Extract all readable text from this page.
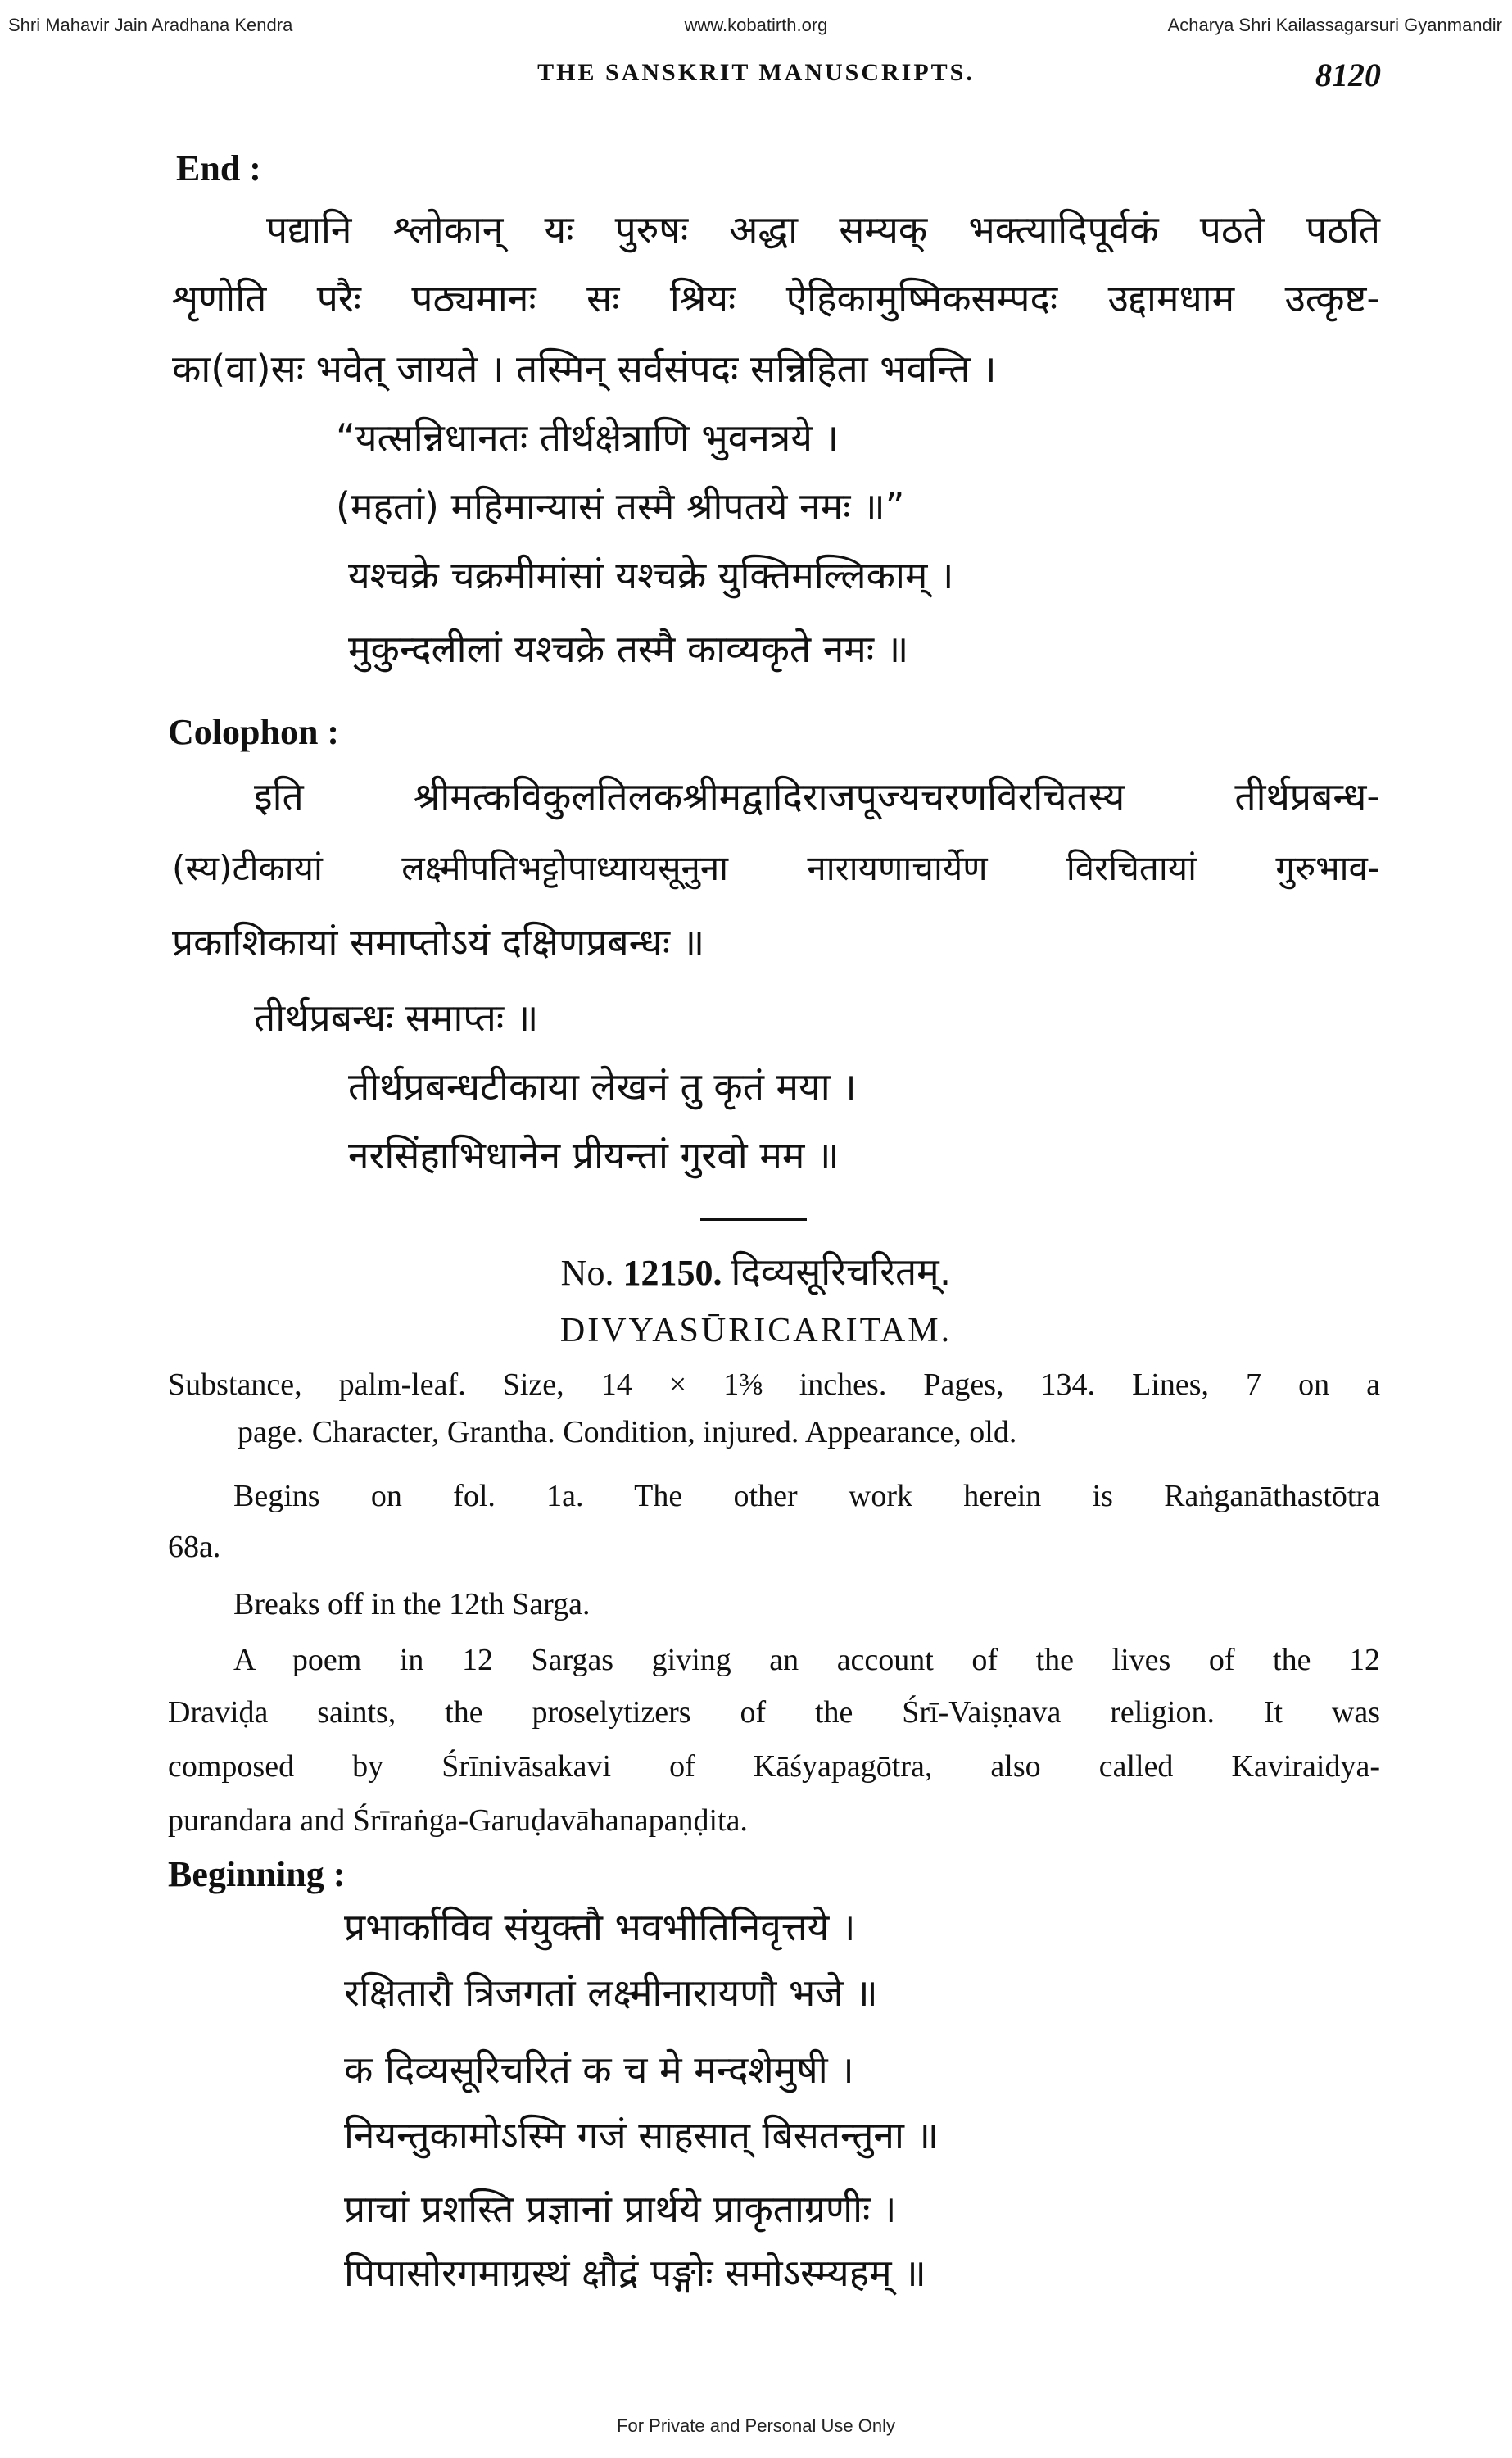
Shri Mahavir Jain Aradhana Kendra	www.kobatirth.org	Acharya Shri Kailassagarsuri Gyanmandir
THE SANSKRIT MANUSCRIPTS.	8120
End :
पद्यानि श्लोकान् यः पुरुषः अद्धा सम्यक् भक्त्यादिपूर्वकं पठते पठति
शृणोति परैः पठ्यमानः सः श्रियः ऐहिकामुष्मिकसम्पदः उद्दामधाम उत्कृष्ट-
का(वा)सः भवेत् जायते । तस्मिन् सर्वसंपदः सन्निहिता भवन्ति ।
“यत्सन्निधानतः तीर्थक्षेत्राणि भुवनत्रये ।
(महतां) महिमान्यासं तस्मै श्रीपतये नमः ॥”
यश्चक्रे चक्रमीमांसां यश्चक्रे युक्तिमल्लिकाम् ।
मुकुन्दलीलां यश्चक्रे तस्मै काव्यकृते नमः ॥
Colophon :
इति श्रीमत्कविकुलतिलकश्रीमद्वादिराजपूज्यचरणविरचितस्य तीर्थप्रबन्ध-
(स्य)टीकायां लक्ष्मीपतिभट्टोपाध्यायसूनुना नारायणाचार्येण विरचितायां गुरुभाव-
प्रकाशिकायां समाप्तोऽयं दक्षिणप्रबन्धः ॥
तीर्थप्रबन्धः समाप्तः ॥
तीर्थप्रबन्धटीकाया लेखनं तु कृतं मया ।
नरसिंहाभिधानेन प्रीयन्तां गुरवो मम ॥
No. 12150. दिव्यसूरिचरितम्.
DIVYASŪRICARITAM.
Substance, palm-leaf. Size, 14 × 1⅜ inches. Pages, 134. Lines, 7 on a
page. Character, Grantha. Condition, injured. Appearance, old.
Begins on fol. 1a. The other work herein is Raṅganāthastōtra
68a.
Breaks off in the 12th Sarga.
A poem in 12 Sargas giving an account of the lives of the 12
Draviḍa saints, the proselytizers of the Śrī-Vaiṣṇava religion. It was
composed by Śrīnivāsakavi of Kāśyapagōtra, also called Kaviraidya-
purandara and Śrīraṅga-Garuḍavāhanapaṇḍita.
Beginning :
प्रभार्काविव संयुक्तौ भवभीतिनिवृत्तये ।
रक्षितारौ त्रिजगतां लक्ष्मीनारायणौ भजे ॥
क दिव्यसूरिचरितं क च मे मन्दशेमुषी ।
नियन्तुकामोऽस्मि गजं साहसात् बिसतन्तुना ॥
प्राचां प्रशस्ति प्रज्ञानां प्रार्थये प्राकृताग्रणीः ।
पिपासोरगमाग्रस्थं क्षौद्रं पङ्गोः समोऽस्म्यहम् ॥
For Private and Personal Use Only
